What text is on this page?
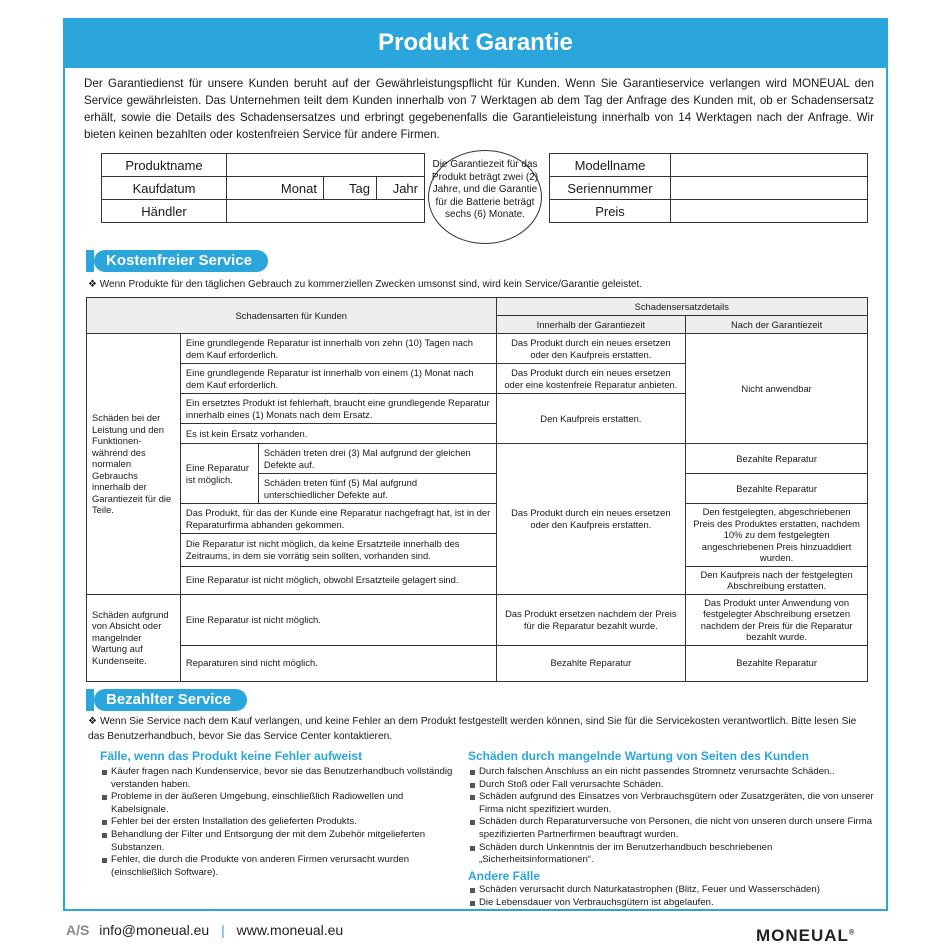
Produkt Garantie
Der Garantiedienst für unsere Kunden beruht auf der Gewährleistungspflicht für Kunden. Wenn Sie Garantieservice verlangen wird MONEUAL den Service gewährleisten. Das Unternehmen teilt dem Kunden innerhalb von 7 Werktagen ab dem Tag der Anfrage des Kunden mit, ob er Schadensersatz erhält, sowie die Details des Schadensersatzes und erbringt gegebenenfalls die Garantieleistung innerhalb von 14 Werktagen nach der Anfrage. Wir bieten keinen bezahlten oder kostenfreien Service für andere Firmen.
Produktname			
Kaufdatum	Monat	Tag	Jahr
Händler			
Die Garantiezeit für das Produkt beträgt zwei (2) Jahre, und die Garantie für die Batterie beträgt sechs (6) Monate.
Modellname	
Seriennummer	
Preis	
Kostenfreier Service
❖ Wenn Produkte für den täglichen Gebrauch zu kommerziellen Zwecken umsonst sind, wird kein Service/Garantie geleistet.
Schadensarten für Kunden			Schadensersatzdetails	
			Innerhalb der Garantiezeit	Nach der Garantiezeit
Schäden bei der Leistung und den Funktionen- während des normalen Gebrauchs innerhalb der Garantiezeit für die Teile.	Eine grundlegende Reparatur ist innerhalb von zehn (10) Tagen nach dem Kauf erforderlich.		Das Produkt durch ein neues ersetzen oder den Kaufpreis erstatten.	Nicht anwendbar
	Eine grundlegende Reparatur ist innerhalb von einem (1) Monat nach dem Kauf erforderlich.		Das Produkt durch ein neues ersetzen oder eine kostenfreie Reparatur anbieten.	
	Ein ersetztes Produkt ist fehlerhaft, braucht eine grundlegende Reparatur innerhalb eines (1) Monats nach dem Ersatz.		Den Kaufpreis erstatten.	
	Es ist kein Ersatz vorhanden.			
	Eine Reparatur ist möglich.	Schäden treten drei (3) Mal aufgrund der gleichen Defekte auf.	Das Produkt durch ein neues ersetzen oder den Kaufpreis erstatten.	Bezahlte Reparatur
		Schäden treten fünf (5) Mal aufgrund unterschiedlicher Defekte auf.		Bezahlte Reparatur
	Das Produkt, für das der Kunde eine Reparatur nachgefragt hat, ist in der Reparaturfirma abhanden gekommen.			Den festgelegten, abgeschriebenen Preis des Produktes erstatten, nachdem 10% zu dem festgelegten angeschriebenen Preis hinzuaddiert wurden.
	Die Reparatur ist nicht möglich, da keine Ersatzteile innerhalb des Zeitraums, in dem sie vorrätig sein sollten, vorhanden sind.			
	Eine Reparatur ist nicht möglich, obwohl Ersatzteile gelagert sind.			Den Kaufpreis nach der festgelegten Abschreibung erstatten.
Schäden aufgrund von Absicht oder mangelnder Wartung auf Kundenseite.	Eine Reparatur ist nicht möglich.		Das Produkt ersetzen nachdem der Preis für die Reparatur bezahlt wurde.	Das Produkt unter Anwendung von festgelegter Abschreibung ersetzen nachdem der Preis für die Reparatur bezahlt wurde.
	Reparaturen sind nicht möglich.		Bezahlte Reparatur	Bezahlte Reparatur
Bezahlter Service
❖ Wenn Sie Service nach dem Kauf verlangen, und keine Fehler an dem Produkt festgestellt werden können, sind Sie für die Servicekosten verantwortlich. Bitte lesen Sie das Benutzerhandbuch, bevor Sie das Service Center kontaktieren.
Fälle, wenn das Produkt keine Fehler aufweist
Käufer fragen nach Kundenservice, bevor sie das Benutzerhandbuch vollständig verstanden haben.
Probleme in der äußeren Umgebung, einschließlich Radiowellen und Kabelsignale.
Fehler bei der ersten Installation des gelieferten Produkts.
Behandlung der Filter und Entsorgung der mit dem Zubehör mitgelieferten Substanzen.
Fehler, die durch die Produkte von anderen Firmen verursacht wurden (einschließlich Software).
Schäden durch mangelnde Wartung von Seiten des Kunden
Durch falschen Anschluss an ein nicht passendes Stromnetz verursachte Schäden..
Durch Stoß oder Fall verursachte Schäden.
Schäden aufgrund des Einsatzes von Verbrauchsgütern oder Zusatzgeräten, die von unserer Firma nicht spezifiziert wurden.
Schäden durch Reparaturversuche von Personen, die nicht von unseren durch unsere Firma spezifizierten Partnerfirmen beauftragt wurden.
Schäden durch Unkenntnis der im Benutzerhandbuch beschriebenen „Sicherheitsinformationen“.
Andere Fälle
Schäden verursacht durch Naturkatastrophen (Blitz, Feuer und Wasserschäden)
Die Lebensdauer von Verbrauchsgütern ist abgelaufen.
A/S info@moneual.eu | www.moneual.eu	MONEUAL®
